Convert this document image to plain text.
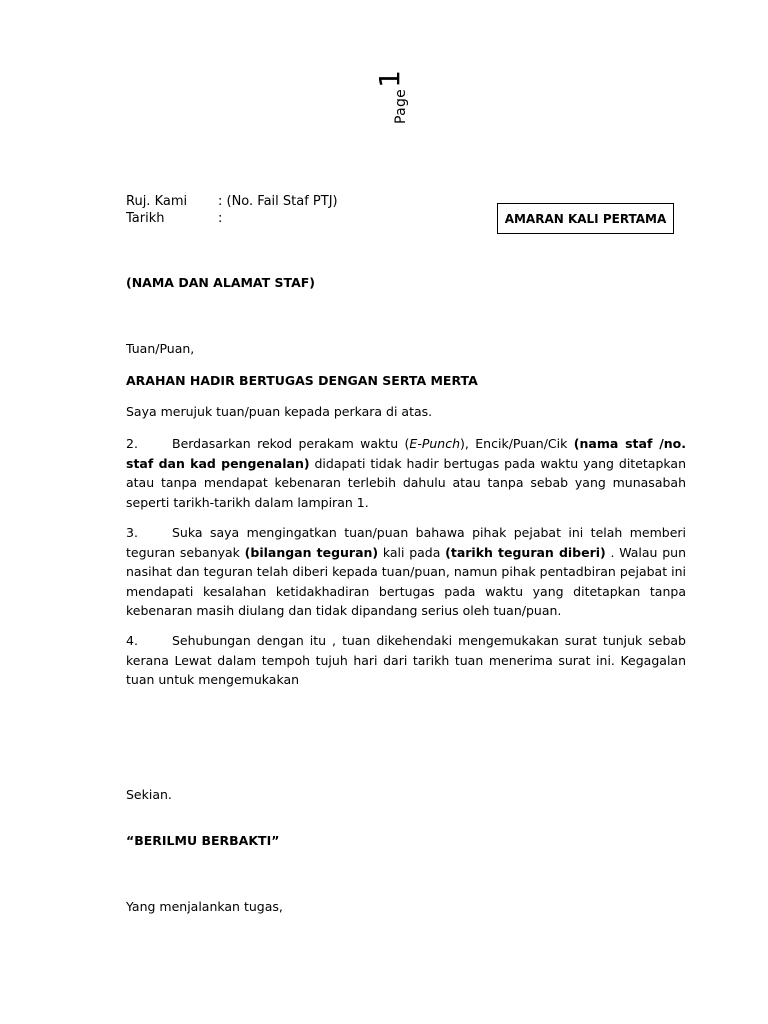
Page1
Ruj. Kami	: (No. Fail Staf PTJ)
Tarikh	:	AMARAN KALI PERTAMA
(NAMA DAN ALAMAT STAF)
Tuan/Puan,
ARAHAN HADIR BERTUGAS DENGAN SERTA MERTA
Saya merujuk tuan/puan kepada perkara di atas.
2.	Berdasarkan rekod perakam waktu (E-Punch), Encik/Puan/Cik (nama staf /no. staf dan kad pengenalan) didapati tidak hadir bertugas pada waktu yang ditetapkan atau tanpa mendapat kebenaran terlebih dahulu atau tanpa sebab yang munasabah seperti tarikh-tarikh dalam lampiran 1.
3.	Suka saya mengingatkan tuan/puan bahawa pihak pejabat ini telah memberi teguran sebanyak (bilangan teguran) kali pada (tarikh teguran diberi) . Walau pun nasihat dan teguran telah diberi kepada tuan/puan, namun pihak pentadbiran pejabat ini mendapati kesalahan ketidakhadiran bertugas pada waktu yang ditetapkan tanpa kebenaran masih diulang dan tidak dipandang serius oleh tuan/puan.
4.	Sehubungan dengan itu , tuan dikehendaki mengemukakan surat tunjuk sebab kerana Lewat dalam tempoh tujuh hari dari tarikh tuan menerima surat ini. Kegagalan tuan untuk mengemukakan
Sekian.
“BERILMU BERBAKTI”
Yang menjalankan tugas,
